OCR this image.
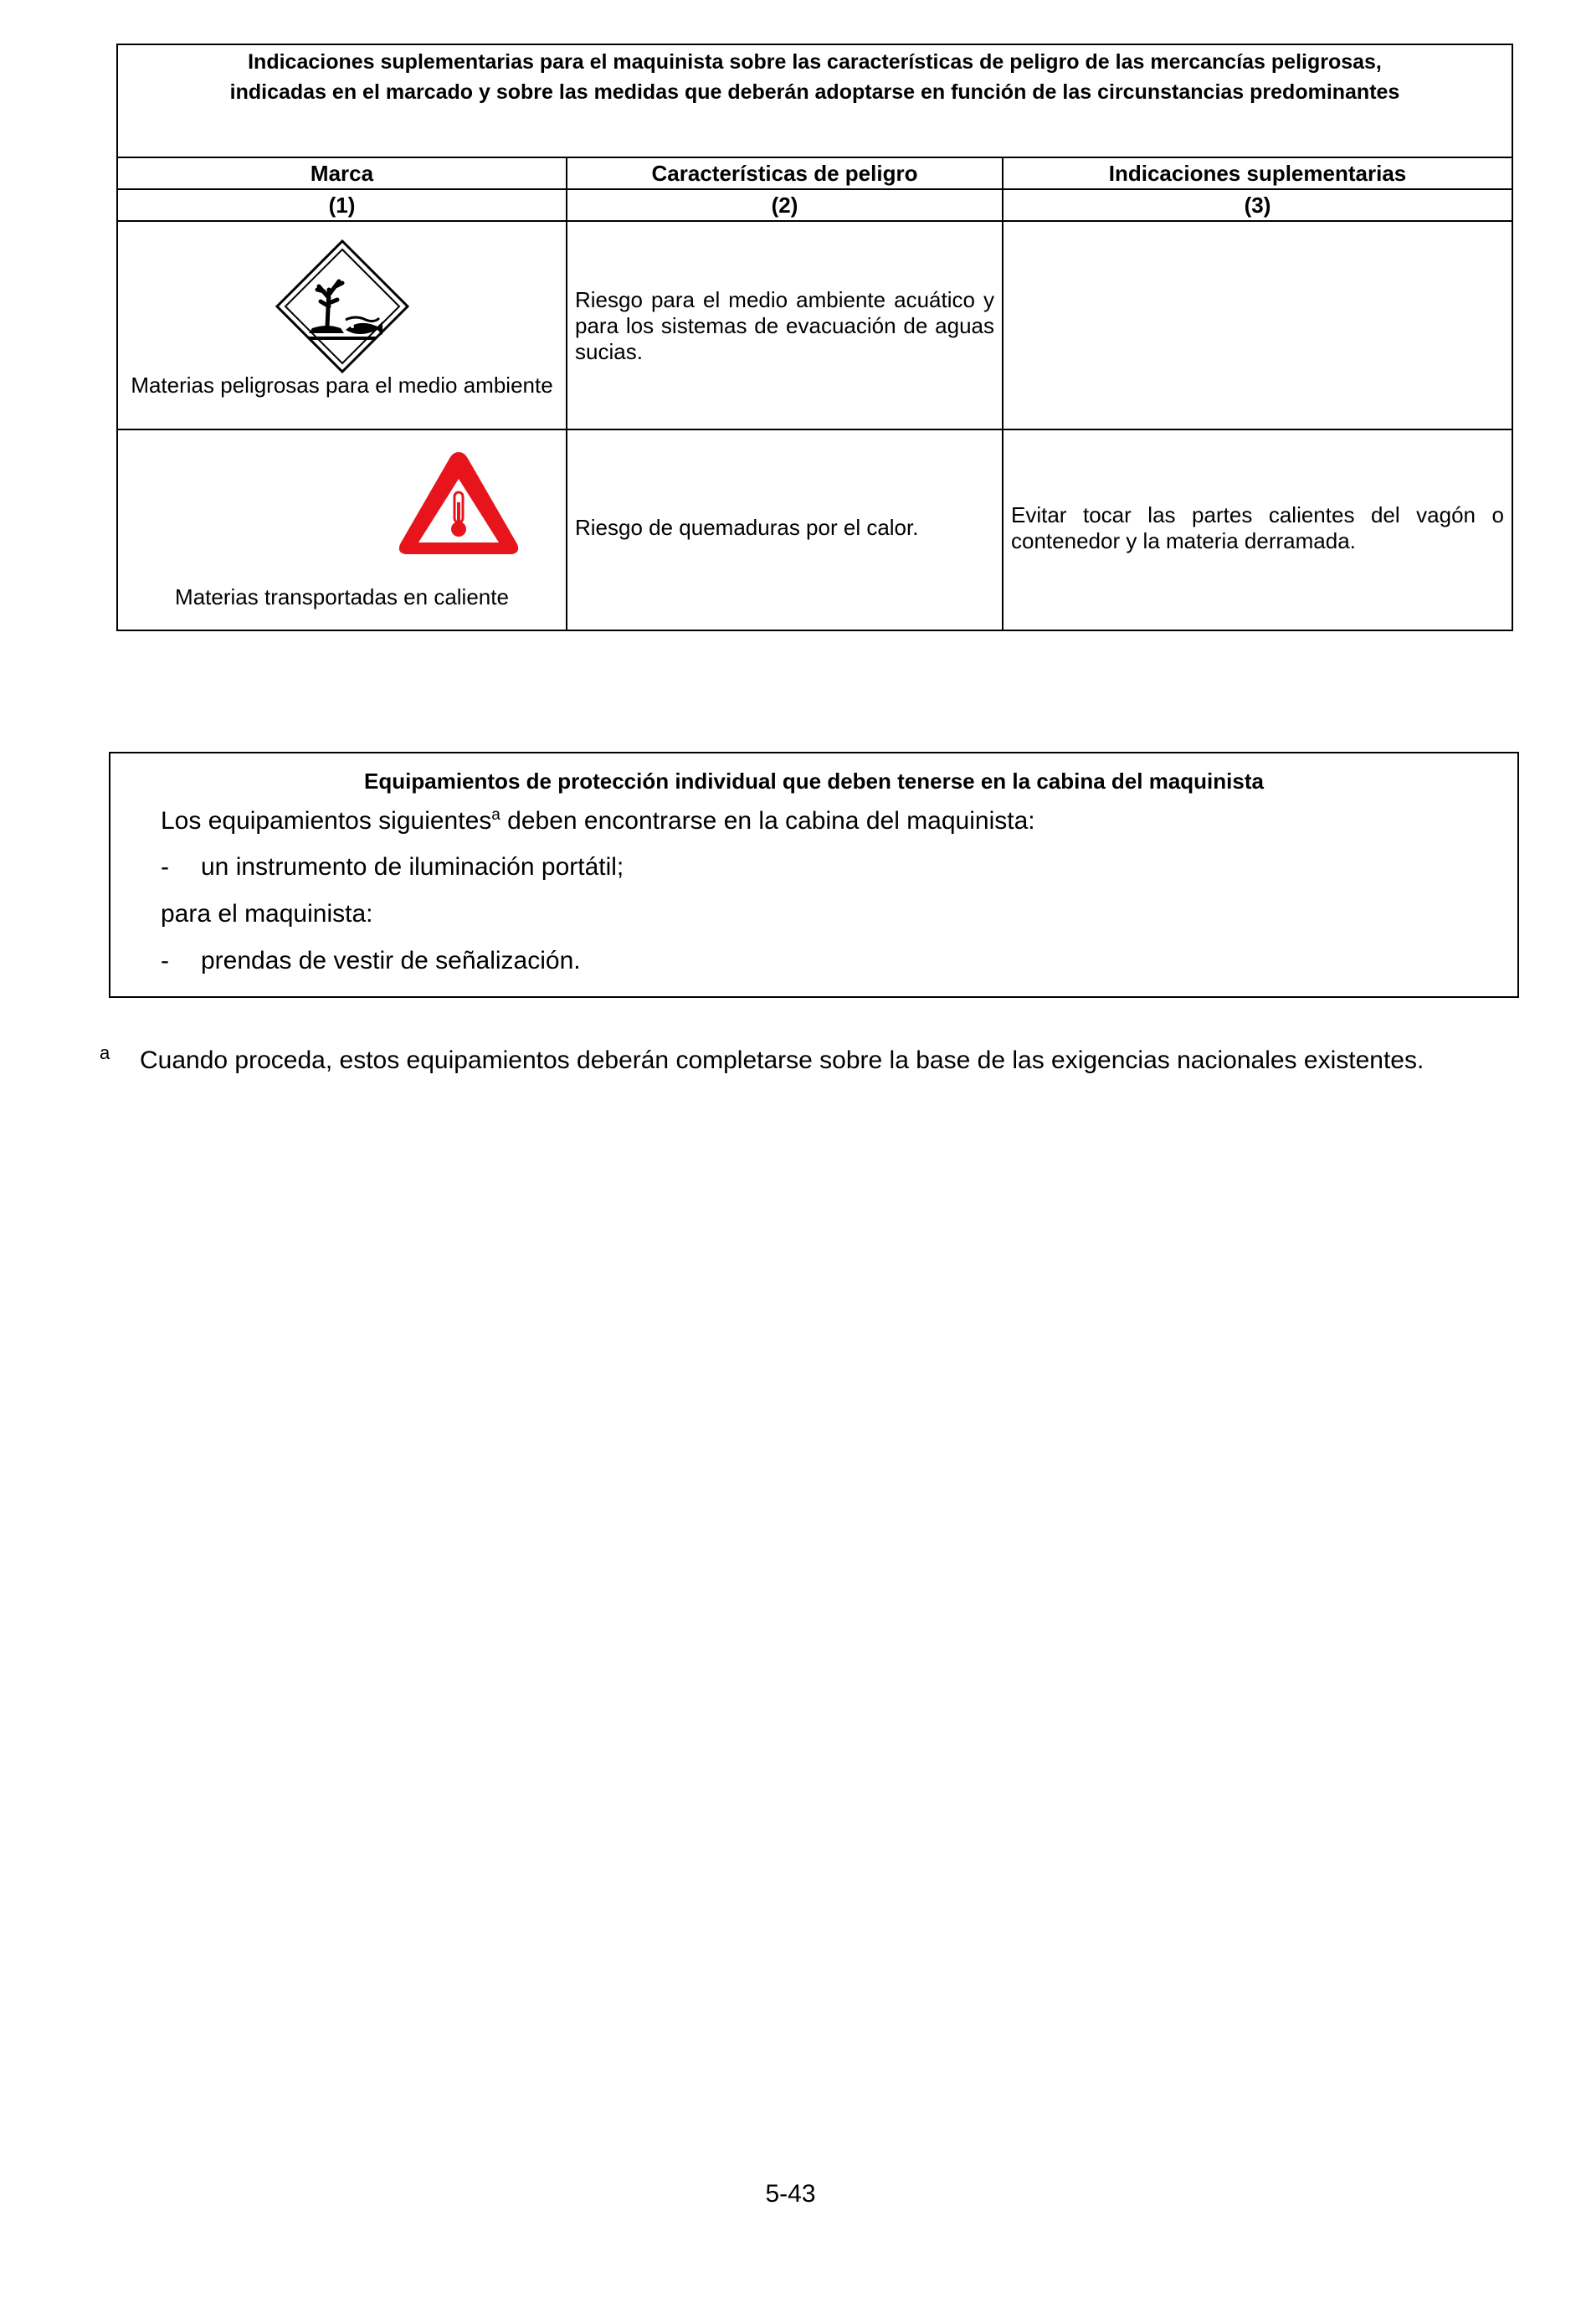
Indicaciones suplementarias para el maquinista sobre las características de peligro de las mercancías peligrosas,
indicadas en el marcado y sobre las medidas que deberán adoptarse en función de las circunstancias predominantes		

Marca	Características de peligro	Indicaciones suplementarias
(1)	(2)	(3)

Materias peligrosas para el medio ambiente	Riesgo para el medio ambiente acuático y para los sistemas de evacuación de aguas sucias.	

Materias transportadas en caliente	Riesgo de quemaduras por el calor.	Evitar tocar las partes calientes del vagón o contenedor y la materia derramada.
Equipamientos de protección individual que deben tenerse en la cabina del maquinista
Los equipamientos siguientes$^a$ deben encontrarse en la cabina del maquinista:
- un instrumento de iluminación portátil;
para el maquinista:
- prendas de vestir de señalización.
a Cuando proceda, estos equipamientos deberán completarse sobre la base de las exigencias nacionales existentes.
5-43
